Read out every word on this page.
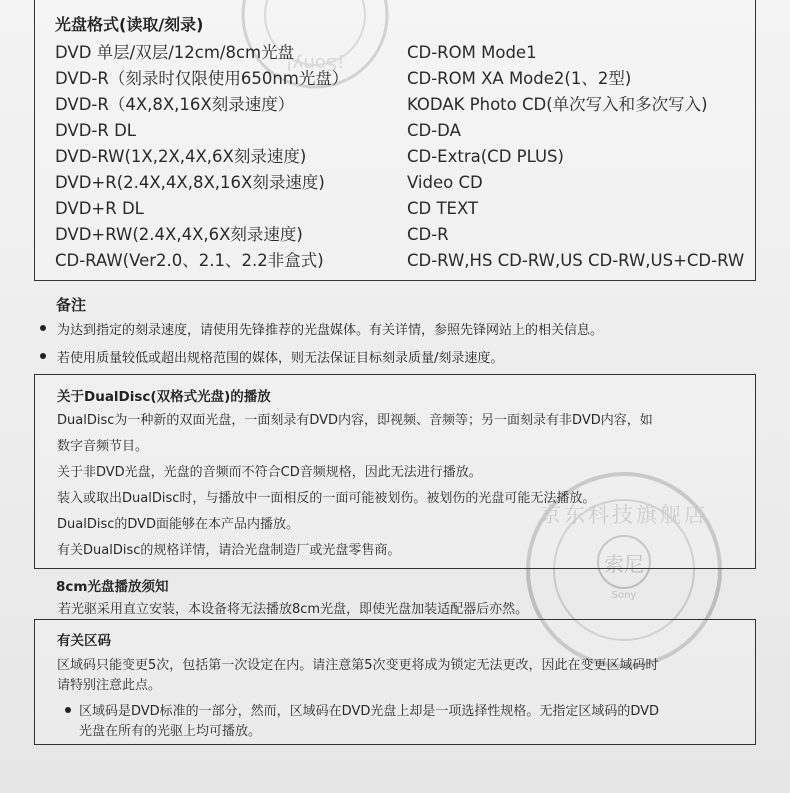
¡Sony!
索尼
Sony
京东科技旗舰店
光盘格式(读取/刻录)
DVD 单层/双层/12cm/8cm光盘
DVD-R（刻录时仅限使用650nm光盘）
DVD-R（4X,8X,16X刻录速度）
DVD-R DL
DVD-RW(1X,2X,4X,6X刻录速度)
DVD+R(2.4X,4X,8X,16X刻录速度)
DVD+R DL
DVD+RW(2.4X,4X,6X刻录速度)
CD-RAW(Ver2.0、2.1、2.2非盒式)
CD-ROM Mode1
CD-ROM XA Mode2(1、2型)
KODAK Photo CD(单次写入和多次写入)
CD-DA
CD-Extra(CD PLUS)
Video CD
CD TEXT
CD-R
CD-RW,HS CD-RW,US CD-RW,US+CD-RW
备注
为达到指定的刻录速度，请使用先锋推荐的光盘媒体。有关详情，参照先锋网站上的相关信息。
若使用质量较低或超出规格范围的媒体，则无法保证目标刻录质量/刻录速度。
关于DualDisc(双格式光盘)的播放
DualDisc为一种新的双面光盘，一面刻录有DVD内容，即视频、音频等；另一面刻录有非DVD内容，如
数字音频节目。
关于非DVD光盘，光盘的音频而不符合CD音频规格，因此无法进行播放。
装入或取出DualDisc时，与播放中一面相反的一面可能被划伤。被划伤的光盘可能无法播放。
DualDisc的DVD面能够在本产品内播放。
有关DualDisc的规格详情，请洽光盘制造厂或光盘零售商。
8cm光盘播放须知
若光驱采用直立安装，本设备将无法播放8cm光盘，即使光盘加装适配器后亦然。
有关区码
区域码只能变更5次，包括第一次设定在内。请注意第5次变更将成为锁定无法更改，因此在变更区域码时
请特别注意此点。
区域码是DVD标准的一部分，然而，区域码在DVD光盘上却是一项选择性规格。无指定区域码的DVD
光盘在所有的光驱上均可播放。
